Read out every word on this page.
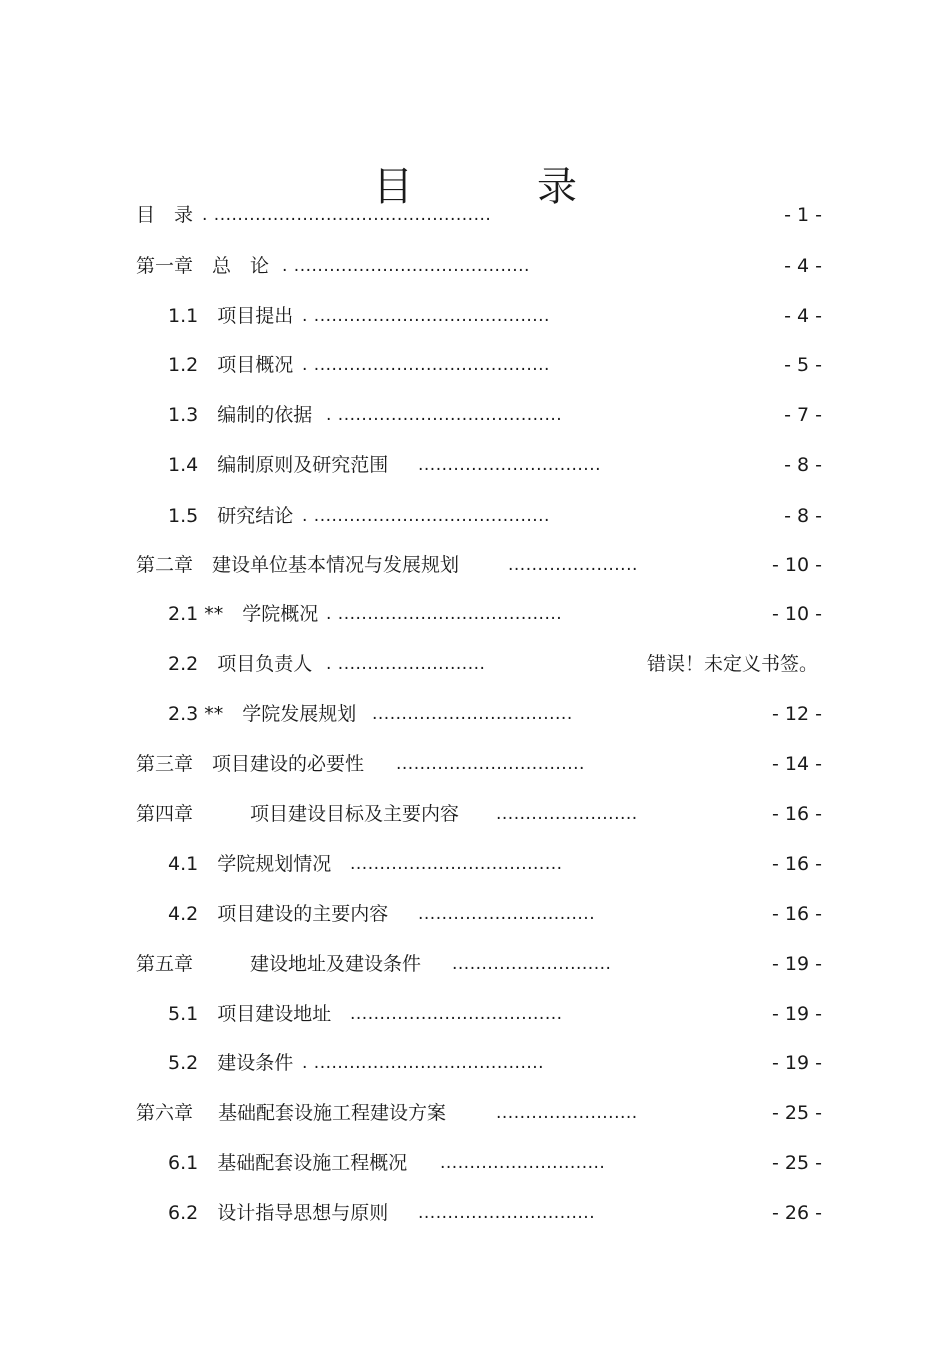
目　录
目　录 . ...............................................	- 1 -
第一章　总　论 . ........................................	- 4 -
1.1　项目提出 . ........................................	- 4 -
1.2　项目概况 . ........................................	- 5 -
1.3　编制的依据 . ......................................	- 7 -
1.4　编制原则及研究范围 ...............................	- 8 -
1.5　研究结论 . ........................................	- 8 -
第二章　建设单位基本情况与发展规划	......................	- 10 -
2.1 **　学院概况 . ......................................	- 10 -
2.2　项目负责人 . .........................	错误！未定义书签。
2.3 **　学院发展规划 ..................................	- 12 -
第三章　项目建设的必要性 ................................	- 14 -
第四章　　　项目建设目标及主要内容 ........................	- 16 -
4.1　学院规划情况 ....................................	- 16 -
4.2　项目建设的主要内容 ..............................	- 16 -
第五章　　　建设地址及建设条件 ...........................	- 19 -
5.1　项目建设地址 ....................................	- 19 -
5.2　建设条件 . .......................................	- 19 -
第六章　 基础配套设施工程建设方案	........................	- 25 -
6.1　基础配套设施工程概况 ............................	- 25 -
6.2　设计指导思想与原则 ..............................	- 26 -
